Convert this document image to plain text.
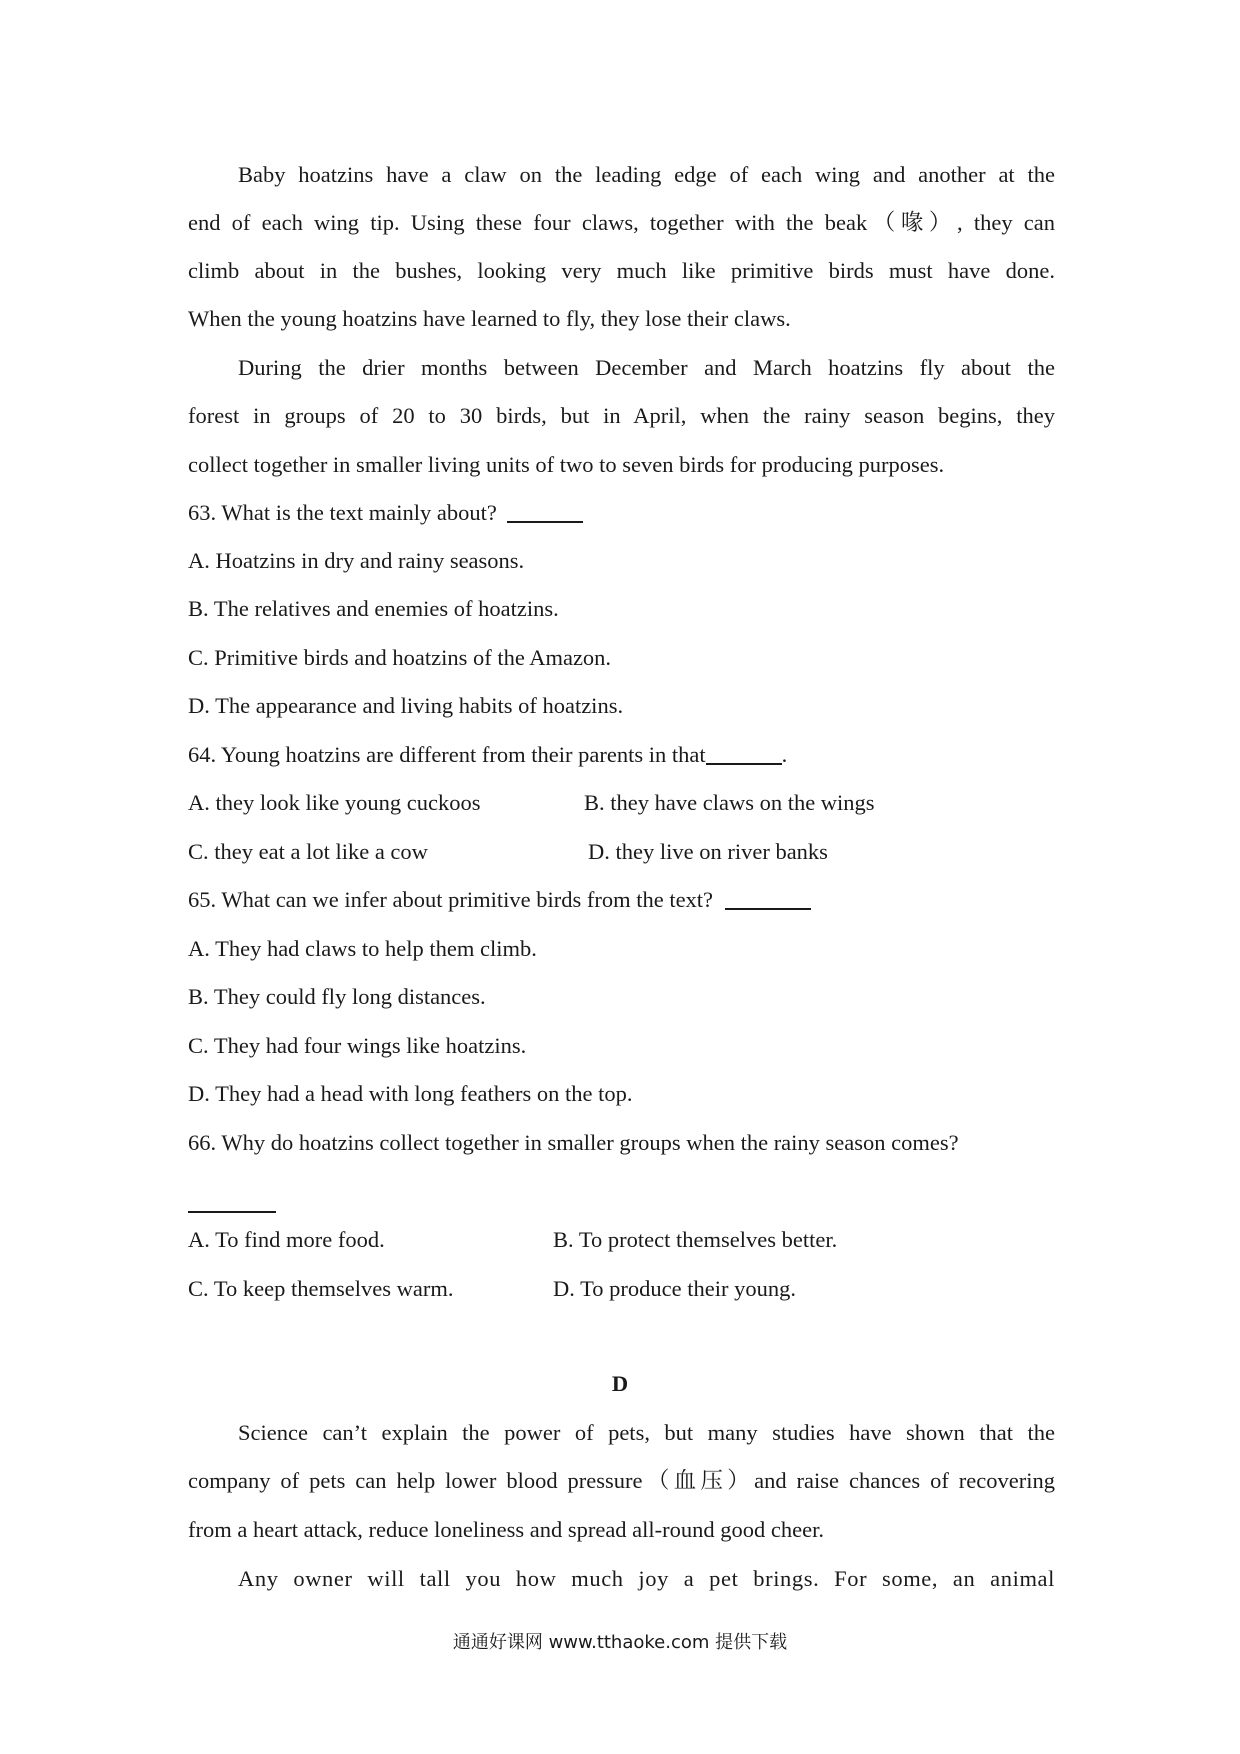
Baby hoatzins have a claw on the leading edge of each wing and another at the
end of each wing tip. Using these four claws, together with the beak（喙）, they can
climb about in the bushes, looking very much like primitive birds must have done.
When the young hoatzins have learned to fly, they lose their claws.
During the drier months between December and March hoatzins fly about the
forest in groups of 20 to 30 birds, but in April, when the rainy season begins, they
collect together in smaller living units of two to seven birds for producing purposes.
63. What is the text mainly about?
A. Hoatzins in dry and rainy seasons.
B. The relatives and enemies of hoatzins.
C. Primitive birds and hoatzins of the Amazon.
D. The appearance and living habits of hoatzins.
64. Young hoatzins are different from their parents in that	.
A. they look like young cuckoos	B. they have claws on the wings
C. they eat a lot like a cow	D. they live on river banks
65. What can we infer about primitive birds from the text?
A. They had claws to help them climb.
B. They could fly long distances.
C. They had four wings like hoatzins.
D. They had a head with long feathers on the top.
66. Why do hoatzins collect together in smaller groups when the rainy season comes?
A. To find more food.	B. To protect themselves better.
C. To keep themselves warm.	D. To produce their young.
D
Science can’t explain the power of pets, but many studies have shown that the
company of pets can help lower blood pressure（血压）and raise chances of recovering
from a heart attack, reduce loneliness and spread all-round good cheer.
Any owner will tall you how much joy a pet brings. For some, an animal
通通好课网 www.tthaoke.com 提供下载
